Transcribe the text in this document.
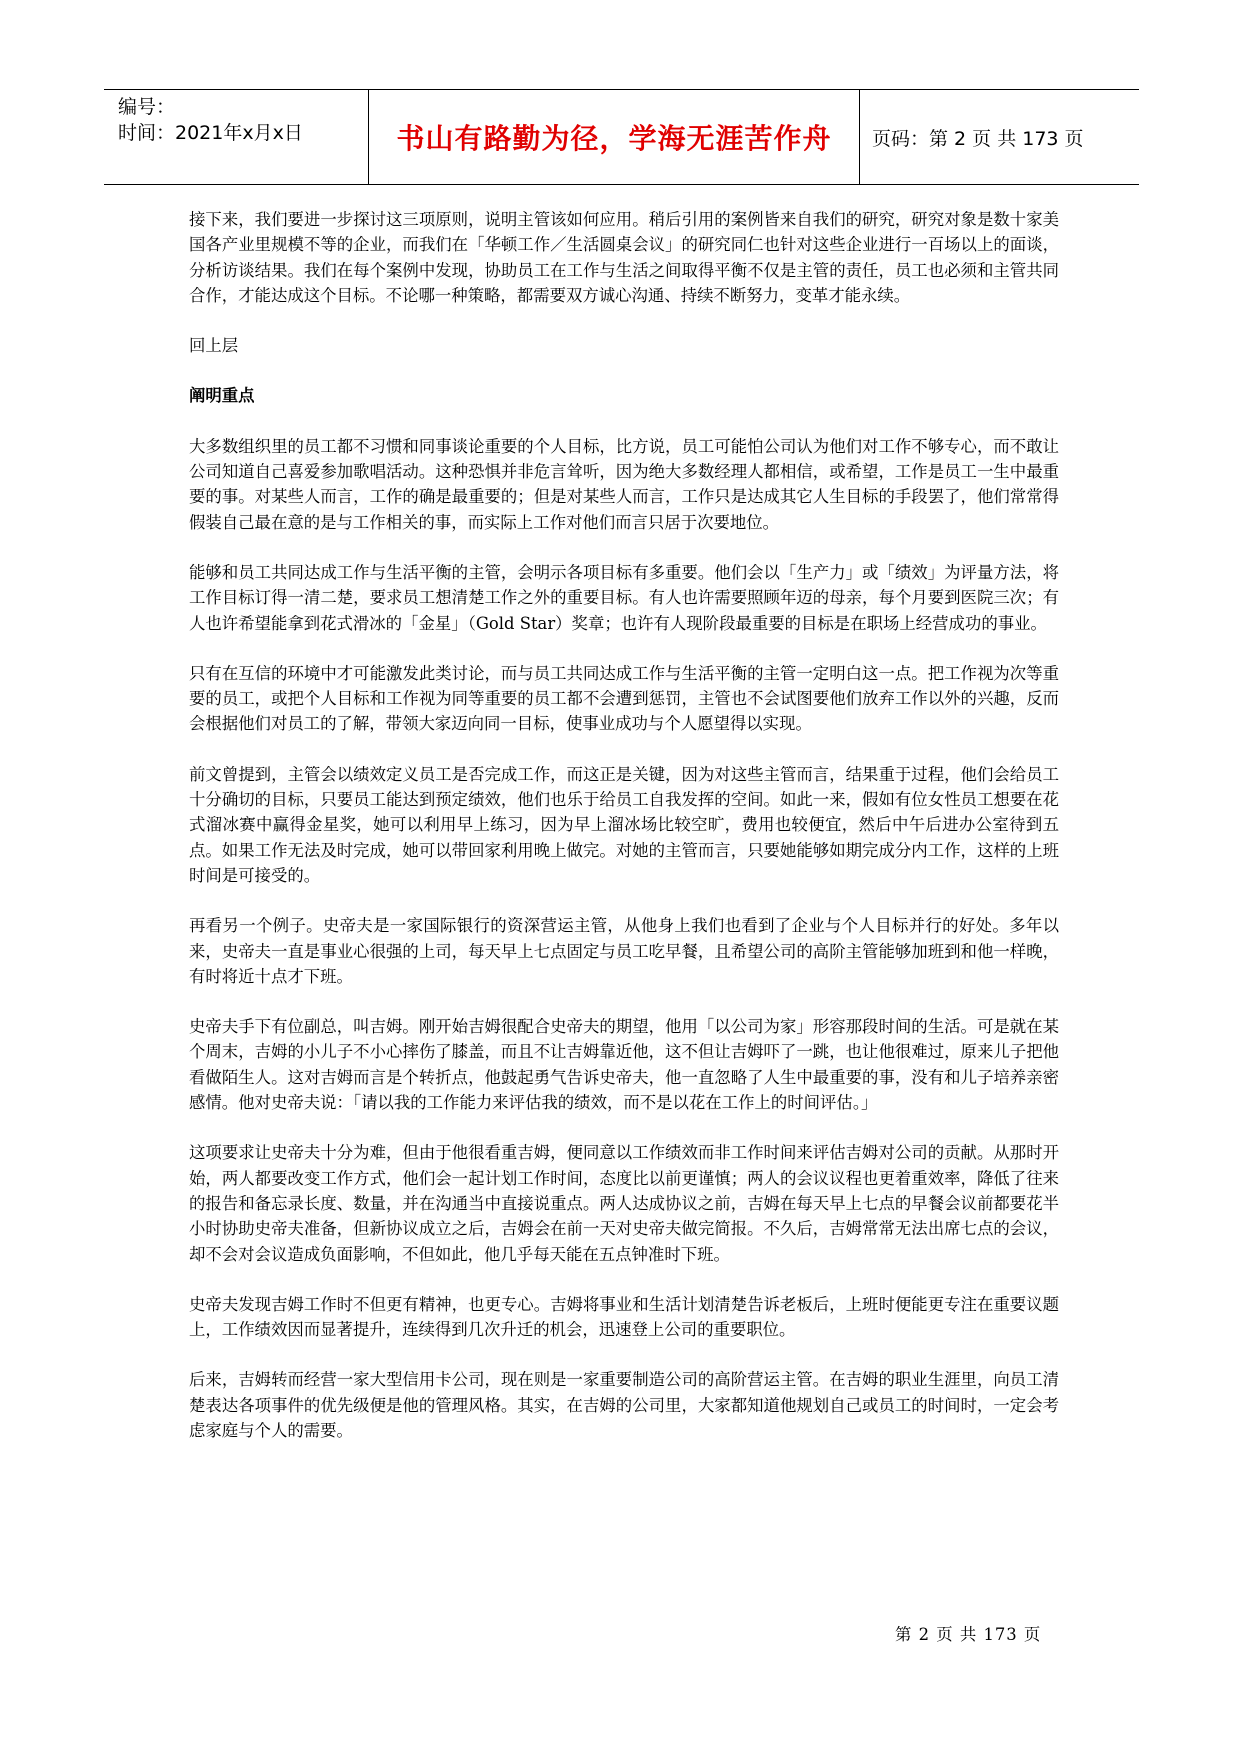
编号：
时间：2021年x月x日	书山有路勤为径，学海无涯苦作舟	页码：第 2 页 共 173 页

接下来，我们要进一步探讨这三项原则，说明主管该如何应用。稍后引用的案例皆来自我们的研究，研究对象是数十家美国各产业里规模不等的企业，而我们在「华顿工作／生活圆桌会议」的研究同仁也针对这些企业进行一百场以上的面谈，分析访谈结果。我们在每个案例中发现，协助员工在工作与生活之间取得平衡不仅是主管的责任，员工也必须和主管共同合作，才能达成这个目标。不论哪一种策略，都需要双方诚心沟通、持续不断努力，变革才能永续。

回上层

阐明重点

大多数组织里的员工都不习惯和同事谈论重要的个人目标，比方说，员工可能怕公司认为他们对工作不够专心，而不敢让公司知道自己喜爱参加歌唱活动。这种恐惧并非危言耸听，因为绝大多数经理人都相信，或希望，工作是员工一生中最重要的事。对某些人而言，工作的确是最重要的；但是对某些人而言，工作只是达成其它人生目标的手段罢了，他们常常得假装自己最在意的是与工作相关的事，而实际上工作对他们而言只居于次要地位。

能够和员工共同达成工作与生活平衡的主管，会明示各项目标有多重要。他们会以「生产力」或「绩效」为评量方法，将工作目标订得一清二楚，要求员工想清楚工作之外的重要目标。有人也许需要照顾年迈的母亲，每个月要到医院三次；有人也许希望能拿到花式滑冰的「金星」（Gold Star）奖章；也许有人现阶段最重要的目标是在职场上经营成功的事业。

只有在互信的环境中才可能激发此类讨论，而与员工共同达成工作与生活平衡的主管一定明白这一点。把工作视为次等重要的员工，或把个人目标和工作视为同等重要的员工都不会遭到惩罚，主管也不会试图要他们放弃工作以外的兴趣，反而会根据他们对员工的了解，带领大家迈向同一目标，使事业成功与个人愿望得以实现。

前文曾提到，主管会以绩效定义员工是否完成工作，而这正是关键，因为对这些主管而言，结果重于过程，他们会给员工十分确切的目标，只要员工能达到预定绩效，他们也乐于给员工自我发挥的空间。如此一来，假如有位女性员工想要在花式溜冰赛中赢得金星奖，她可以利用早上练习，因为早上溜冰场比较空旷，费用也较便宜，然后中午后进办公室待到五点。如果工作无法及时完成，她可以带回家利用晚上做完。对她的主管而言，只要她能够如期完成分内工作，这样的上班时间是可接受的。

再看另一个例子。史帝夫是一家国际银行的资深营运主管，从他身上我们也看到了企业与个人目标并行的好处。多年以来，史帝夫一直是事业心很强的上司，每天早上七点固定与员工吃早餐，且希望公司的高阶主管能够加班到和他一样晚，有时将近十点才下班。

史帝夫手下有位副总，叫吉姆。刚开始吉姆很配合史帝夫的期望，他用「以公司为家」形容那段时间的生活。可是就在某个周末，吉姆的小儿子不小心摔伤了膝盖，而且不让吉姆靠近他，这不但让吉姆吓了一跳，也让他很难过，原来儿子把他看做陌生人。这对吉姆而言是个转折点，他鼓起勇气告诉史帝夫，他一直忽略了人生中最重要的事，没有和儿子培养亲密感情。他对史帝夫说：「请以我的工作能力来评估我的绩效，而不是以花在工作上的时间评估。」

这项要求让史帝夫十分为难，但由于他很看重吉姆，便同意以工作绩效而非工作时间来评估吉姆对公司的贡献。从那时开始，两人都要改变工作方式，他们会一起计划工作时间，态度比以前更谨慎；两人的会议议程也更着重效率，降低了往来的报告和备忘录长度、数量，并在沟通当中直接说重点。两人达成协议之前，吉姆在每天早上七点的早餐会议前都要花半小时协助史帝夫准备，但新协议成立之后，吉姆会在前一天对史帝夫做完简报。不久后，吉姆常常无法出席七点的会议，却不会对会议造成负面影响，不但如此，他几乎每天能在五点钟准时下班。

史帝夫发现吉姆工作时不但更有精神，也更专心。吉姆将事业和生活计划清楚告诉老板后，上班时便能更专注在重要议题上，工作绩效因而显著提升，连续得到几次升迁的机会，迅速登上公司的重要职位。

后来，吉姆转而经营一家大型信用卡公司，现在则是一家重要制造公司的高阶营运主管。在吉姆的职业生涯里，向员工清楚表达各项事件的优先级便是他的管理风格。其实，在吉姆的公司里，大家都知道他规划自己或员工的时间时，一定会考虑家庭与个人的需要。

第 2 页 共 173 页
